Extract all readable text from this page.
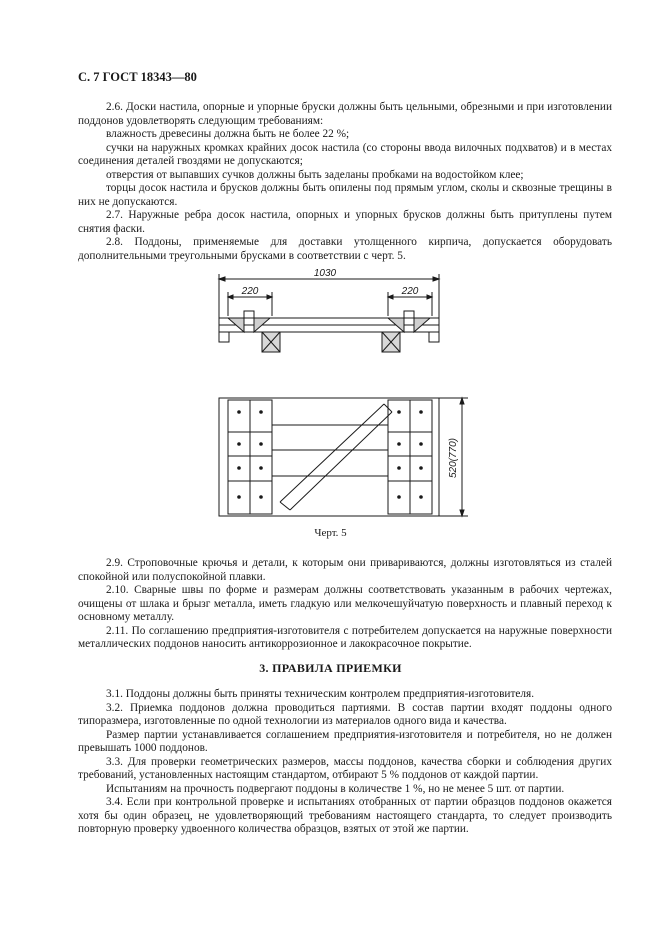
С. 7 ГОСТ 18343—80

2.6. Доски настила, опорные и упорные бруски должны быть цельными, обрезными и при изготовлении поддонов удовлетворять следующим требованиям:

влажность древесины должна быть не более 22 %;

сучки на наружных кромках крайних досок настила (со стороны ввода вилочных подхватов) и в местах соединения деталей гвоздями не допускаются;

отверстия от выпавших сучков должны быть заделаны пробками на водостойком клее;

торцы досок настила и брусков должны быть опилены под прямым углом, сколы и сквозные трещины в них не допускаются.

2.7. Наружные ребра досок настила, опорных и упорных брусков должны быть притуплены путем снятия фаски.

2.8. Поддоны, применяемые для доставки утолщенного кирпича, допускается оборудовать дополнительными треугольными брусками в соответствии с черт. 5.

1030
220	220
520(770)
Черт. 5

2.9. Строповочные крючья и детали, к которым они привариваются, должны изготовляться из сталей спокойной или полуспокойной плавки.

2.10. Сварные швы по форме и размерам должны соответствовать указанным в рабочих чертежах, очищены от шлака и брызг металла, иметь гладкую или мелкочешуйчатую поверхность и плавный переход к основному металлу.

2.11. По соглашению предприятия-изготовителя с потребителем допускается на наружные поверхности металлических поддонов наносить антикоррозионное и лакокрасочное покрытие.

3. ПРАВИЛА ПРИЕМКИ

3.1. Поддоны должны быть приняты техническим контролем предприятия-изготовителя.

3.2. Приемка поддонов должна проводиться партиями. В состав партии входят поддоны одного типоразмера, изготовленные по одной технологии из материалов одного вида и качества.

Размер партии устанавливается соглашением предприятия-изготовителя и потребителя, но не должен превышать 1000 поддонов.

3.3. Для проверки геометрических размеров, массы поддонов, качества сборки и соблюдения других требований, установленных настоящим стандартом, отбирают 5 % поддонов от каждой партии.

Испытаниям на прочность подвергают поддоны в количестве 1 %, но не менее 5 шт. от партии.

3.4. Если при контрольной проверке и испытаниях отобранных от партии образцов поддонов окажется хотя бы один образец, не удовлетворяющий требованиям настоящего стандарта, то следует производить повторную проверку удвоенного количества образцов, взятых от этой же партии.
